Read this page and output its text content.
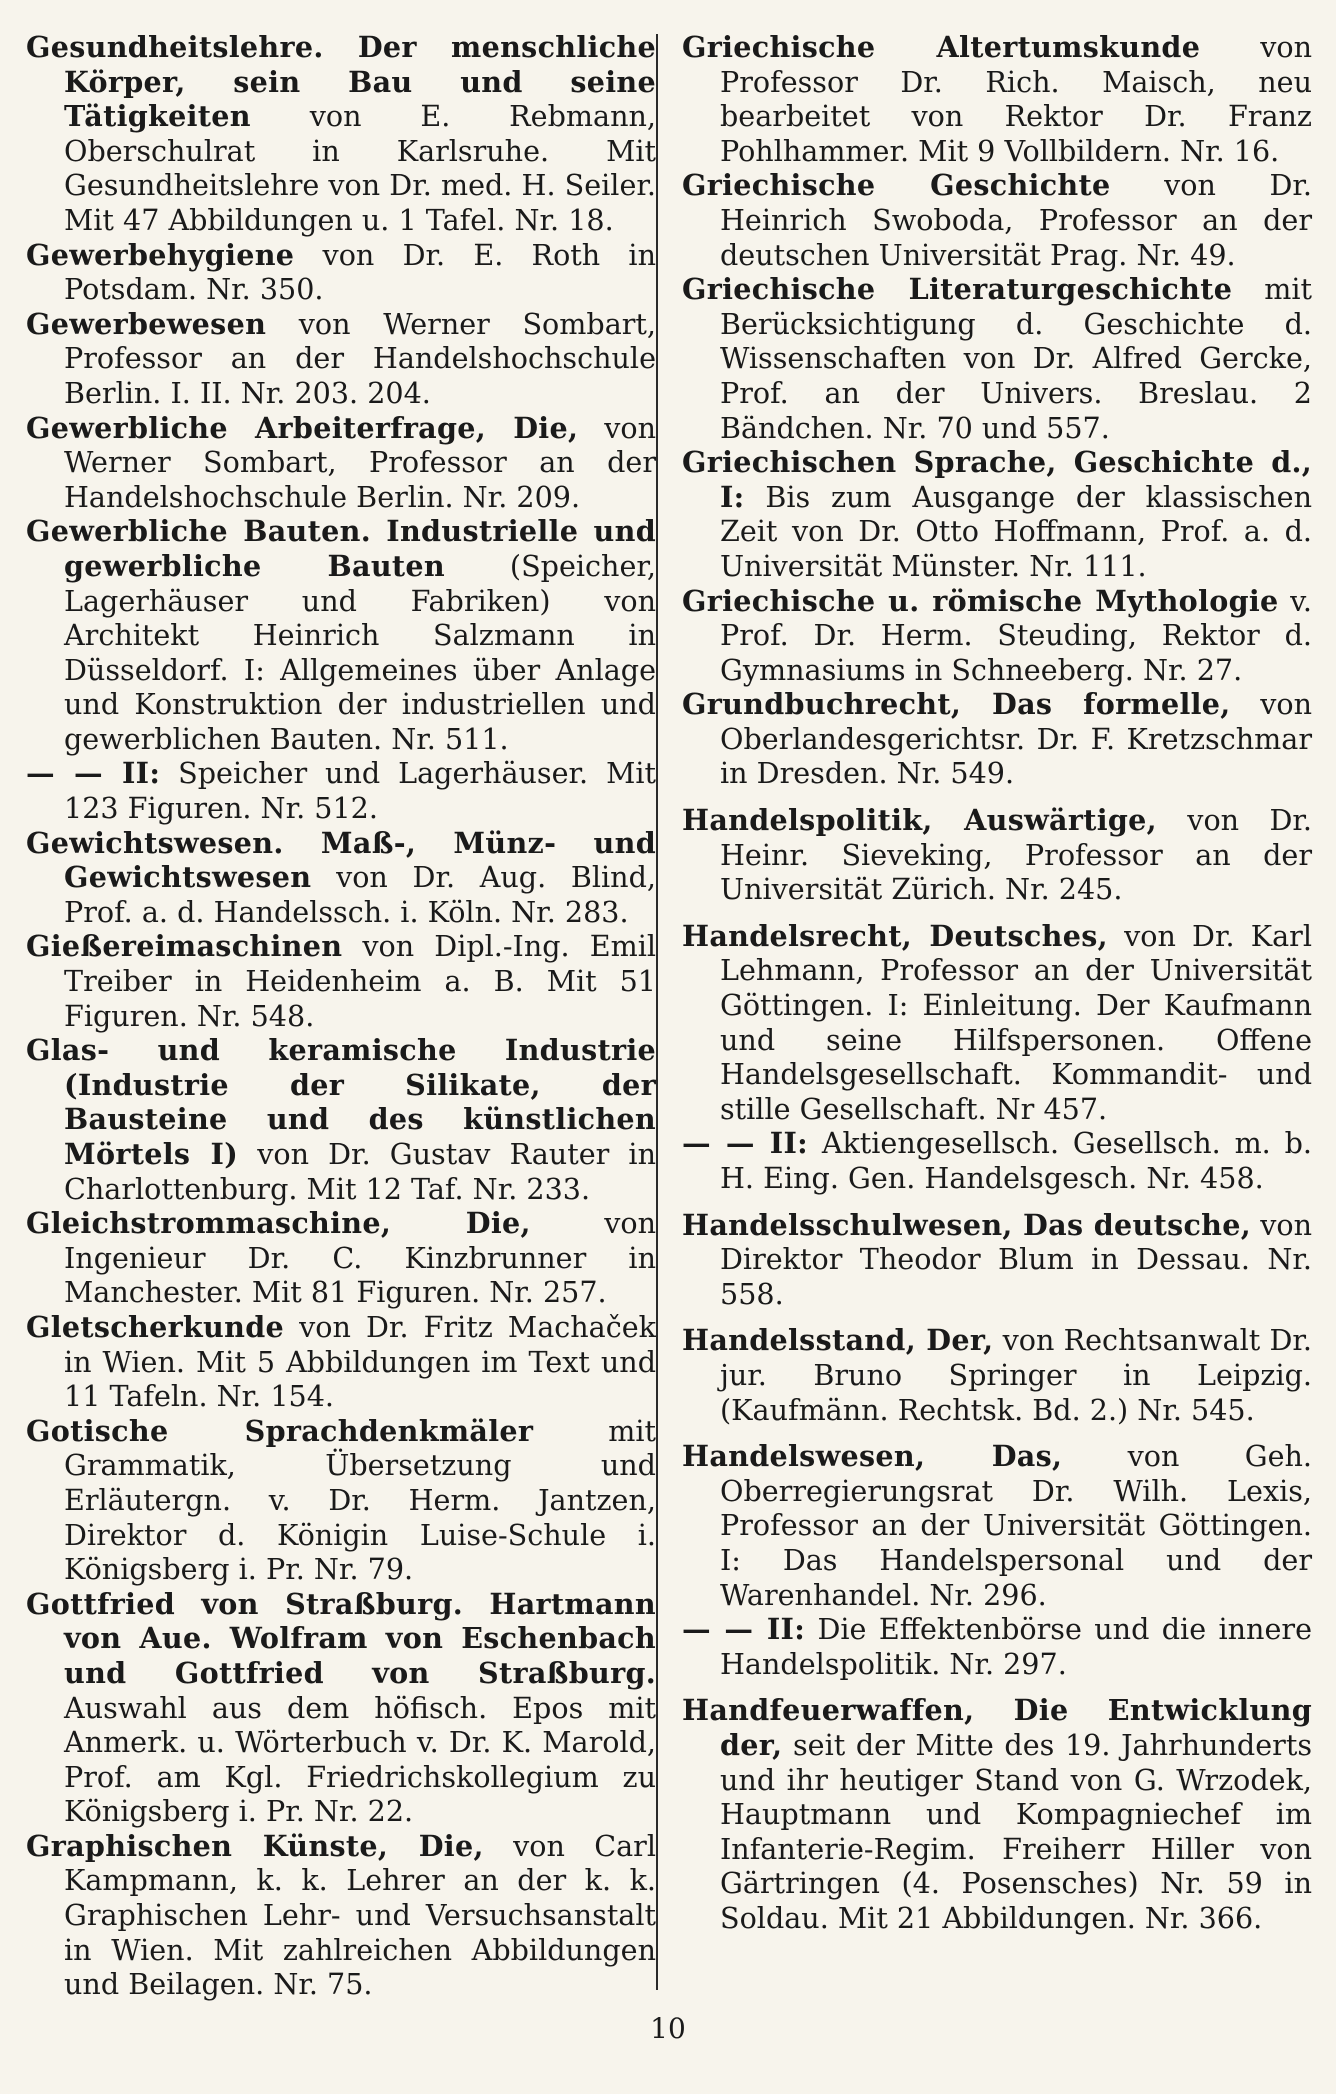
Gesundheitslehre. Der menschliche Körper, sein Bau und seine Tätigkeiten von E. Rebmann, Oberschulrat in Karlsruhe. Mit Gesundheitslehre von Dr. med. H. Seiler. Mit 47 Abbildungen u. 1 Tafel. Nr. 18.

Gewerbehygiene von Dr. E. Roth in Potsdam. Nr. 350.

Gewerbewesen von Werner Sombart, Professor an der Handelshochschule Berlin. I. II. Nr. 203. 204.

Gewerbliche Arbeiterfrage, Die, von Werner Sombart, Professor an der Handelshochschule Berlin. Nr. 209.

Gewerbliche Bauten. Industrielle und gewerbliche Bauten (Speicher, Lagerhäuser und Fabriken) von Architekt Heinrich Salzmann in Düsseldorf. I: Allgemeines über Anlage und Konstruktion der industriellen und gewerblichen Bauten. Nr. 511.

— — II: Speicher und Lagerhäuser. Mit 123 Figuren. Nr. 512.

Gewichtswesen. Maß-, Münz- und Gewichtswesen von Dr. Aug. Blind, Prof. a. d. Handelssch. i. Köln. Nr. 283.

Gießereimaschinen von Dipl.-Ing. Emil Treiber in Heidenheim a. B. Mit 51 Figuren. Nr. 548.

Glas- und keramische Industrie (Industrie der Silikate, der Bausteine und des künstlichen Mörtels I) von Dr. Gustav Rauter in Charlottenburg. Mit 12 Taf. Nr. 233.

Gleichstrommaschine, Die, von Ingenieur Dr. C. Kinzbrunner in Manchester. Mit 81 Figuren. Nr. 257.

Gletscherkunde von Dr. Fritz Machaček in Wien. Mit 5 Abbildungen im Text und 11 Tafeln. Nr. 154.

Gotische Sprachdenkmäler mit Grammatik, Übersetzung und Erläutergn. v. Dr. Herm. Jantzen, Direktor d. Königin Luise-Schule i. Königsberg i. Pr. Nr. 79.

Gottfried von Straßburg. Hartmann von Aue. Wolfram von Eschenbach und Gottfried von Straßburg. Auswahl aus dem höfisch. Epos mit Anmerk. u. Wörterbuch v. Dr. K. Marold, Prof. am Kgl. Friedrichskollegium zu Königsberg i. Pr. Nr. 22.

Graphischen Künste, Die, von Carl Kampmann, k. k. Lehrer an der k. k. Graphischen Lehr- und Versuchsanstalt in Wien. Mit zahlreichen Abbildungen und Beilagen. Nr. 75.

Griechische Altertumskunde von Professor Dr. Rich. Maisch, neu bearbeitet von Rektor Dr. Franz Pohlhammer. Mit 9 Vollbildern. Nr. 16.

Griechische Geschichte von Dr. Heinrich Swoboda, Professor an der deutschen Universität Prag. Nr. 49.

Griechische Literaturgeschichte mit Berücksichtigung d. Geschichte d. Wissenschaften von Dr. Alfred Gercke, Prof. an der Univers. Breslau. 2 Bändchen. Nr. 70 und 557.

Griechischen Sprache, Geschichte d., I: Bis zum Ausgange der klassischen Zeit von Dr. Otto Hoffmann, Prof. a. d. Universität Münster. Nr. 111.

Griechische u. römische Mythologie v. Prof. Dr. Herm. Steuding, Rektor d. Gymnasiums in Schneeberg. Nr. 27.

Grundbuchrecht, Das formelle, von Oberlandesgerichtsr. Dr. F. Kretzschmar in Dresden. Nr. 549.

Handelspolitik, Auswärtige, von Dr. Heinr. Sieveking, Professor an der Universität Zürich. Nr. 245.

Handelsrecht, Deutsches, von Dr. Karl Lehmann, Professor an der Universität Göttingen. I: Einleitung. Der Kaufmann und seine Hilfspersonen. Offene Handelsgesellschaft. Kommandit- und stille Gesellschaft. Nr 457.

— — II: Aktiengesellsch. Gesellsch. m. b. H. Eing. Gen. Handelsgesch. Nr. 458.

Handelsschulwesen, Das deutsche, von Direktor Theodor Blum in Dessau. Nr. 558.

Handelsstand, Der, von Rechtsanwalt Dr. jur. Bruno Springer in Leipzig. (Kaufmänn. Rechtsk. Bd. 2.) Nr. 545.

Handelswesen, Das, von Geh. Oberregierungsrat Dr. Wilh. Lexis, Professor an der Universität Göttingen. I: Das Handelspersonal und der Warenhandel. Nr. 296.

— — II: Die Effektenbörse und die innere Handelspolitik. Nr. 297.

Handfeuerwaffen, Die Entwicklung der, seit der Mitte des 19. Jahrhunderts und ihr heutiger Stand von G. Wrzodek, Hauptmann und Kompagniechef im Infanterie-Regim. Freiherr Hiller von Gärtringen (4. Posensches) Nr. 59 in Soldau. Mit 21 Abbildungen. Nr. 366.

10
